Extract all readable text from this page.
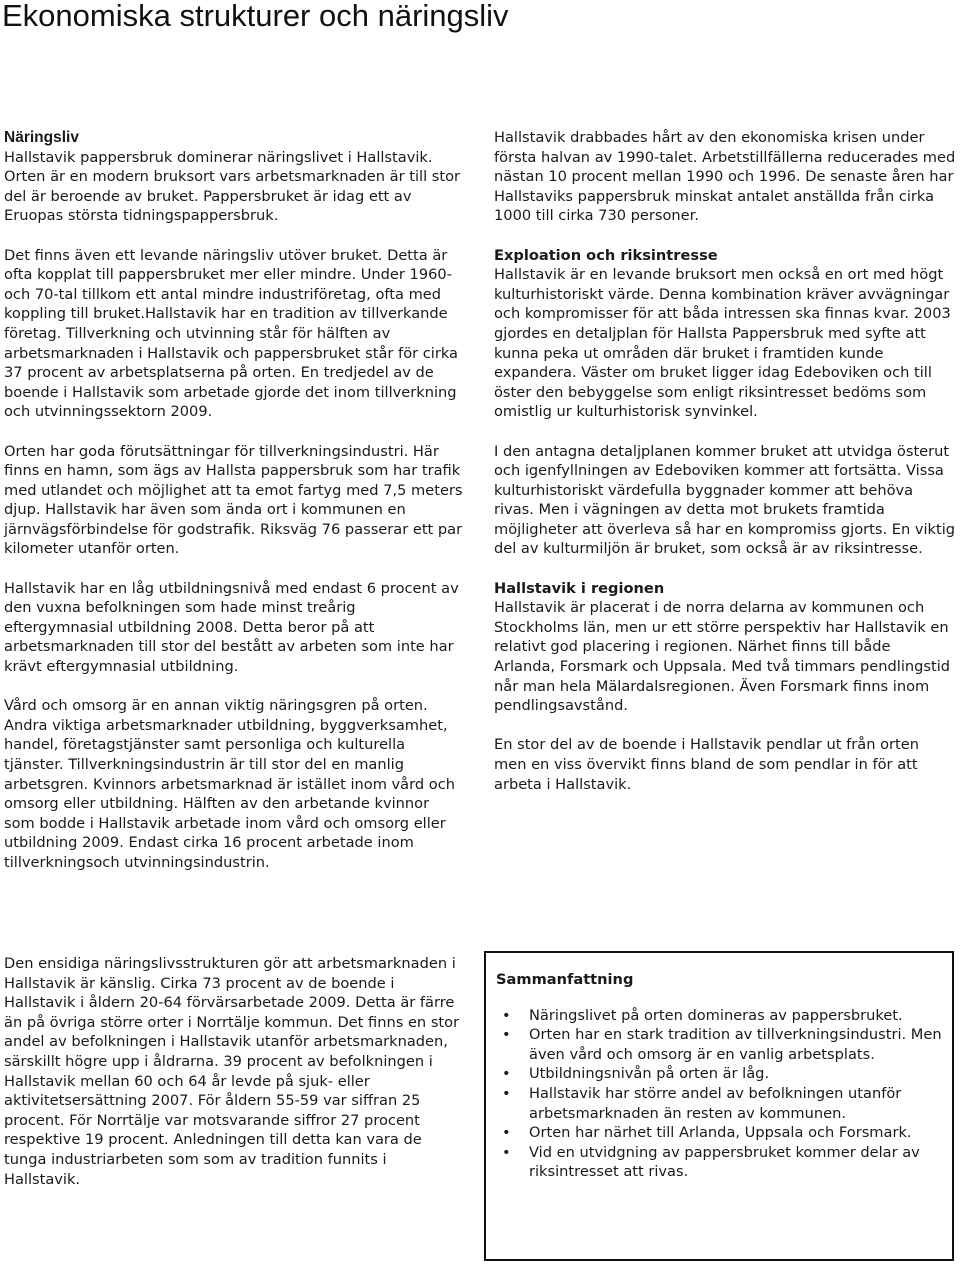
Ekonomiska strukturer och näringsliv

Näringsliv

Hallstavik pappersbruk dominerar näringslivet i Hallstavik. Orten är en modern bruksort vars arbetsmarknaden är till stor del är beroende av bruket. Pappersbruket är idag ett av Eruopas största tidningspappersbruk.

Det finns även ett levande näringsliv utöver bruket. Detta är ofta kopplat till pappersbruket mer eller mindre. Under 1960- och 70-tal tillkom ett antal mindre industriföretag, ofta med koppling till bruket.Hallstavik har en tradition av tillverkande företag. Tillverkning och utvinning står för hälften av arbetsmarknaden i Hallstavik och pappersbruket står för cirka 37 procent av arbetsplatserna på orten. En tredjedel av de boende i Hallstavik som arbetade gjorde det inom tillverkning och utvinningssektorn 2009.

Orten har goda förutsättningar för tillverkningsindustri. Här finns en hamn, som ägs av Hallsta pappersbruk som har trafik med utlandet och möjlighet att ta emot fartyg med 7,5 meters djup. Hallstavik har även som ända ort i kommunen en järnvägsförbindelse för godstrafik. Riksväg 76 passerar ett par kilometer utanför orten.

Hallstavik har en låg utbildningsnivå med endast 6 procent av den vuxna befolkningen som hade minst treårig eftergymnasial utbildning 2008. Detta beror på att arbetsmarknaden till stor del bestått av arbeten som inte har krävt eftergymnasial utbildning.

Vård och omsorg är en annan viktig näringsgren på orten. Andra viktiga arbetsmarknader utbildning, byggverksamhet, handel, företagstjänster samt personliga och kulturella tjänster. Tillverkningsindustrin är till stor del en manlig arbetsgren. Kvinnors arbetsmarknad är istället inom vård och omsorg eller utbildning. Hälften av den arbetande kvinnor som bodde i Hallstavik arbetade inom vård och omsorg eller utbildning 2009. Endast cirka 16 procent arbetade inom tillverkningsoch utvinningsindustrin.

Den ensidiga näringslivsstrukturen gör att arbetsmarknaden i Hallstavik är känslig. Cirka 73 procent av de boende i Hallstavik i åldern 20-64 förvärsarbetade 2009. Detta är färre än på övriga större orter i Norrtälje kommun. Det finns en stor andel av befolkningen i Hallstavik utanför arbetsmarknaden, särskillt högre upp i åldrarna. 39 procent av befolkningen i Hallstavik mellan 60 och 64 år levde på sjuk- eller aktivitetsersättning 2007. För åldern 55-59 var siffran 25 procent. För Norrtälje var motsvarande siffror 27 procent respektive 19 procent. Anledningen till detta kan vara de tunga industriarbeten som som av tradition funnits i Hallstavik.

Hallstavik drabbades hårt av den ekonomiska krisen under första halvan av 1990-talet. Arbetstillfällerna reducerades med nästan 10 procent mellan 1990 och 1996. De senaste åren har Hallstaviks pappersbruk minskat antalet anställda från cirka 1000 till cirka 730 personer.

Exploation och riksintresse

Hallstavik är en levande bruksort men också en ort med högt kulturhistoriskt värde. Denna kombination kräver avvägningar och kompromisser för att båda intressen ska finnas kvar. 2003 gjordes en detaljplan för Hallsta Pappersbruk med syfte att kunna peka ut områden där bruket i framtiden kunde expandera. Väster om bruket ligger idag Edeboviken och till öster den bebyggelse som enligt riksintresset bedöms som omistlig ur kulturhistorisk synvinkel.

I den antagna detaljplanen kommer bruket att utvidga österut och igenfyllningen av Edeboviken kommer att fortsätta. Vissa kulturhistoriskt värdefulla byggnader kommer att behöva rivas. Men i vägningen av detta mot brukets framtida möjligheter att överleva så har en kompromiss gjorts. En viktig del av kulturmiljön är bruket, som också är av riksintresse.

Hallstavik i regionen

Hallstavik är placerat i de norra delarna av kommunen och Stockholms län, men ur ett större perspektiv har Hallstavik en relativt god placering i regionen. Närhet finns till både Arlanda, Forsmark och Uppsala. Med två timmars pendlingstid når man hela Mälardalsregionen. Även Forsmark finns inom pendlingsavstånd.

En stor del av de boende i Hallstavik pendlar ut från orten men en viss övervikt finns bland de som pendlar in för att arbeta i Hallstavik.

Sammanfattning
• Näringslivet på orten domineras av pappersbruket.
• Orten har en stark tradition av tillverkningsindustri. Men även vård och omsorg är en vanlig arbetsplats.
• Utbildningsnivån på orten är låg.
• Hallstavik har större andel av befolkningen utanför arbetsmarknaden än resten av kommunen.
• Orten har närhet till Arlanda, Uppsala och Forsmark.
• Vid en utvidgning av pappersbruket kommer delar av riksintresset att rivas.
